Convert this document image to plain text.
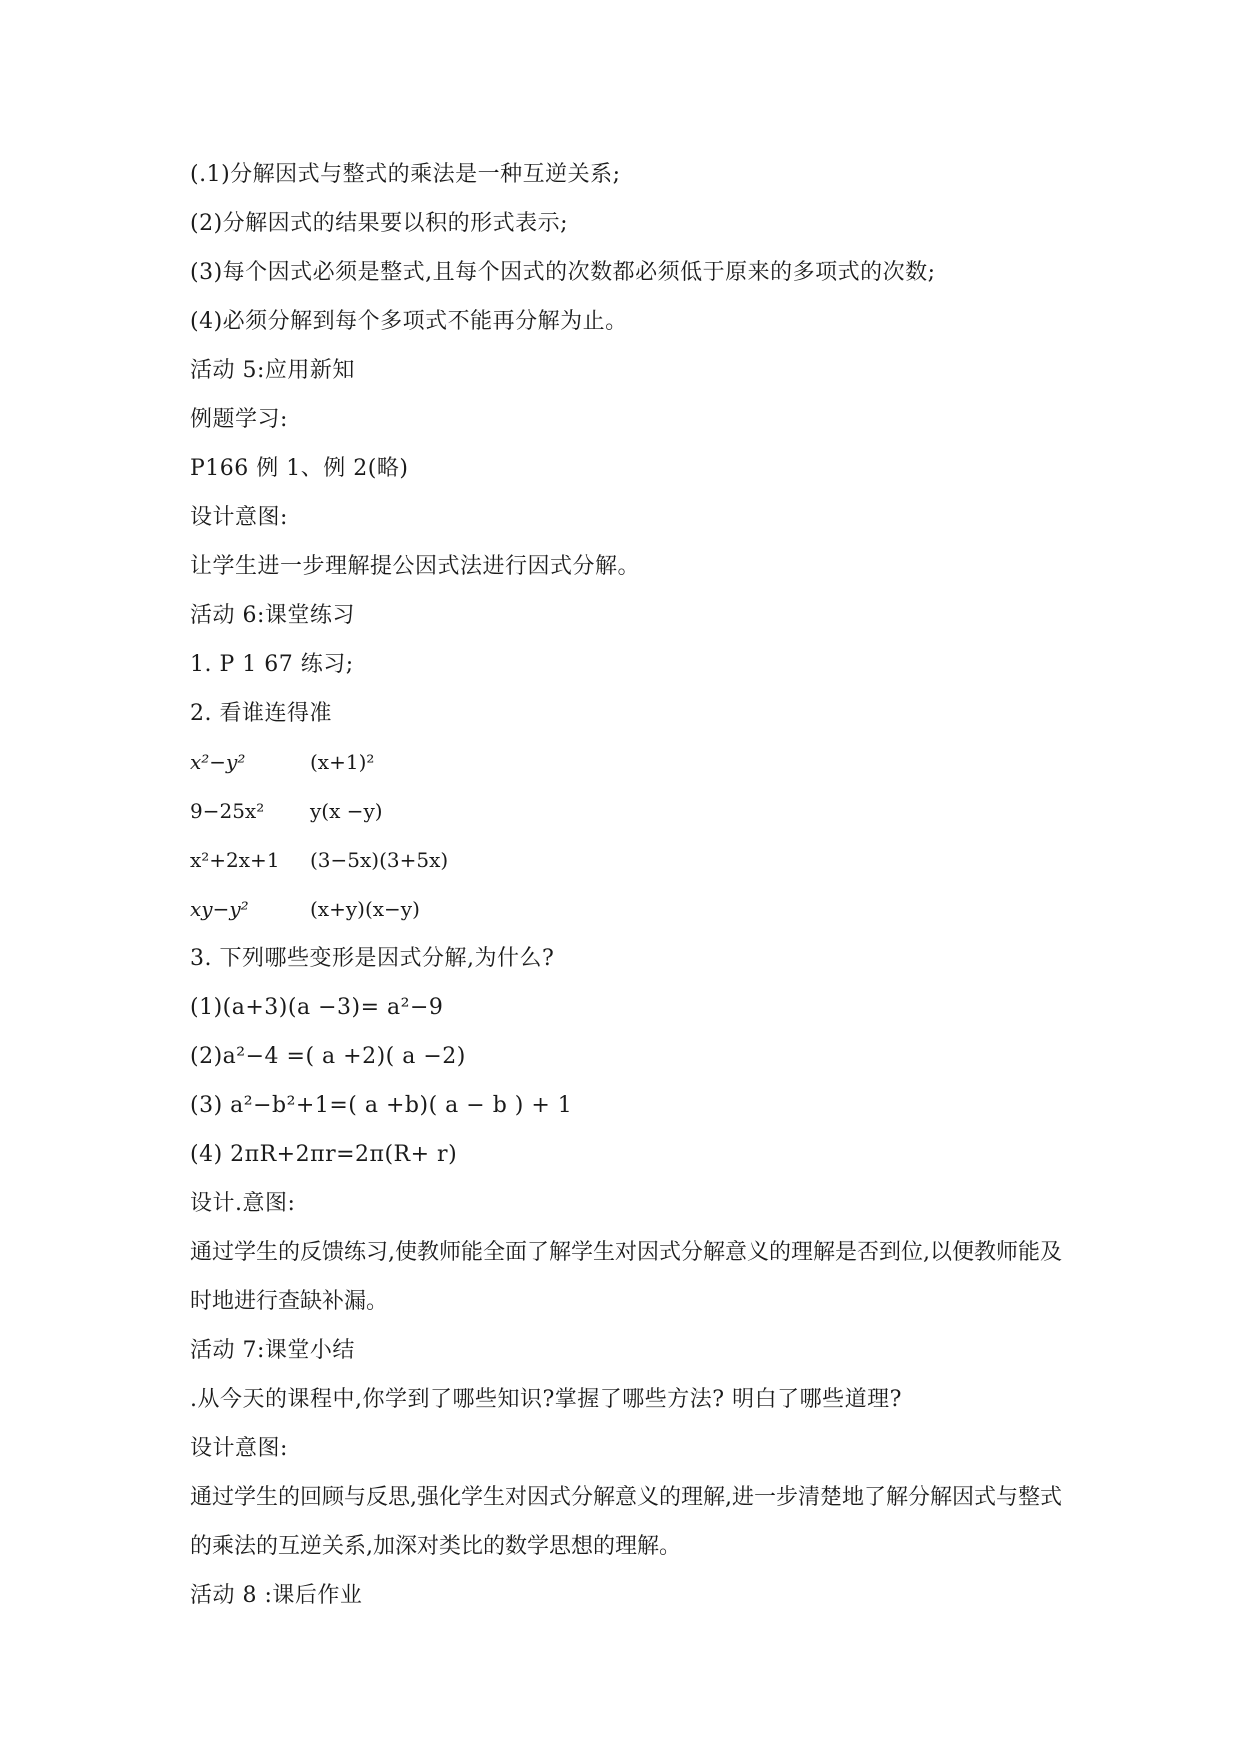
(.1)分解因式与整式的乘法是一种互逆关系;
(2)分解因式的结果要以积的形式表示;
(3)每个因式必须是整式,且每个因式的次数都必须低于原来的多项式的次数;
(4)必须分解到每个多项式不能再分解为止。
活动 5:应用新知
例题学习:
P166 例 1、例 2(略)
设计意图:
让学生进一步理解提公因式法进行因式分解。
活动 6:课堂练习
1. P 1 67 练习;
2. 看谁连得准
x²−y²	(x+1)²
9−25x²	y(x −y)
x²+2x+1	(3−5x)(3+5x)
xy−y²	(x+y)(x−y)
3. 下列哪些变形是因式分解,为什么?
(1)(a+3)(a −3)= a²−9
(2)a²−4 =( a +2)( a −2)
(3) a²−b²+1=( a +b)( a − b ) + 1
(4) 2πR+2πr=2π(R+ r)
设计.意图:
通过学生的反馈练习,使教师能全面了解学生对因式分解意义的理解是否到位,以便教师能及时地进行查缺补漏。
活动 7:课堂小结
.从今天的课程中,你学到了哪些知识?掌握了哪些方法? 明白了哪些道理?
设计意图:
通过学生的回顾与反思,强化学生对因式分解意义的理解,进一步清楚地了解分解因式与整式的乘法的互逆关系,加深对类比的数学思想的理解。
活动 8 :课后作业
